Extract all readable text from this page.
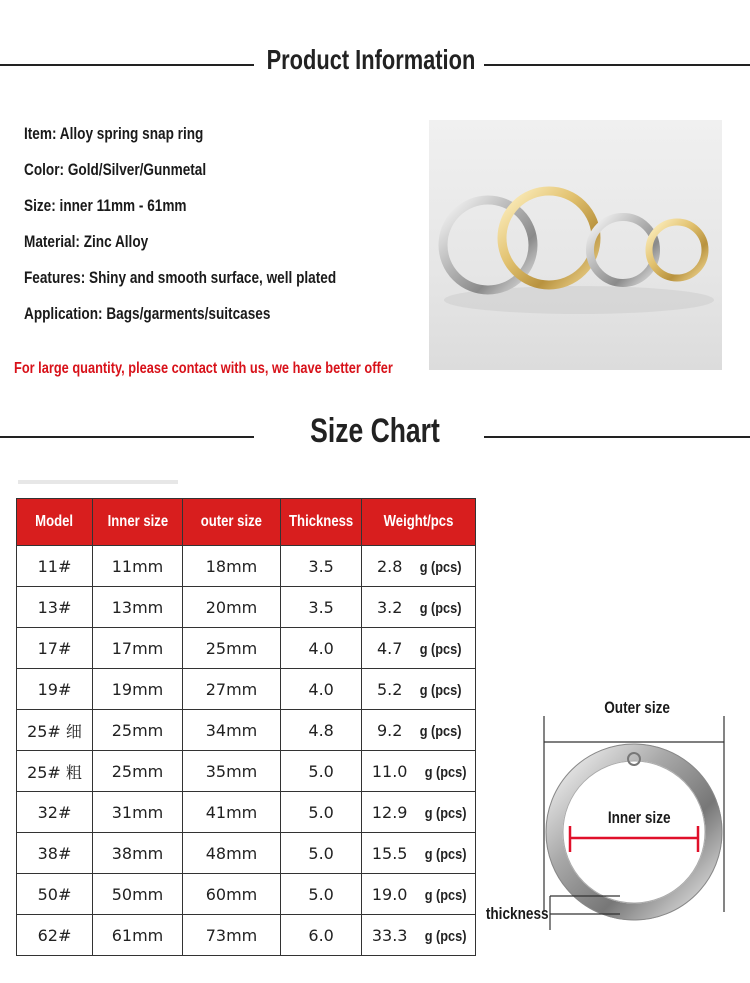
Product Information
Item: Alloy spring snap ring
Color: Gold/Silver/Gunmetal
Size: inner 11mm - 61mm
Material: Zinc Alloy
Features: Shiny and smooth surface, well plated
Application: Bags/garments/suitcases
For large quantity, please contact with us, we have better offer
Size Chart
Model	Inner size	outer size	Thickness	Weight/pcs
11#	11mm	18mm	3.5	2.8 g (pcs)
13#	13mm	20mm	3.5	3.2 g (pcs)
17#	17mm	25mm	4.0	4.7 g (pcs)
19#	19mm	27mm	4.0	5.2 g (pcs)
25# 细	25mm	34mm	4.8	9.2 g (pcs)
25# 粗	25mm	35mm	5.0	11.0 g (pcs)
32#	31mm	41mm	5.0	12.9 g (pcs)
38#	38mm	48mm	5.0	15.5 g (pcs)
50#	50mm	60mm	5.0	19.0 g (pcs)
62#	61mm	73mm	6.0	33.3 g (pcs)
Outer size
Inner size
thickness
